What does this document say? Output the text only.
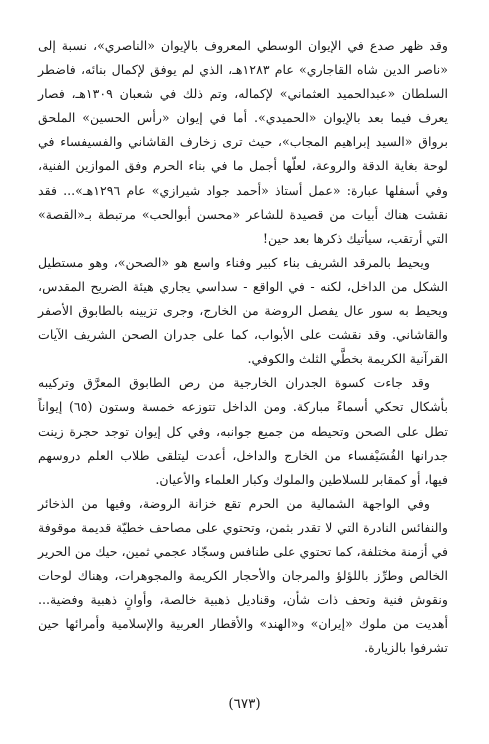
وقد ظهر صدع في الإيوان الوسطي المعروف بالإيوان «الناصري»، نسبة إلى «ناصر الدين شاه القاجاري» عام ١٢٨٣هـ، الذي لم يوفق لإكمال بنائه، فاضطر السلطان «عبدالحميد العثماني» لإكماله، وتم ذلك في شعبان ١٣٠٩هـ، فصار يعرف فيما بعد بالإيوان «الحميدي». أما في إيوان «رأس الحسين» الملحق برواق «السيد إبراهيم المجاب»، حيث ترى زخارف القاشاني والفسيفساء في لوحة بغاية الدقة والروعة، لعلّها أجمل ما في بناء الحرم وفق الموازين الفنية، وفي أسفلها عبارة: «عمل أستاذ «أحمد جواد شيرازي» عام ١٢٩٦هـ»... فقد نقشت هناك أبيات من قصيدة للشاعر «محسن أبوالحب» مرتبطة بـ«القصة» التي أرتقب، سيأتيك ذكرها بعد حين!

ويحيط بالمرقد الشريف بناء كبير وفناء واسع هو «الصحن»، وهو مستطيل الشكل من الداخل، لكنه - في الواقع - سداسي يجاري هيئة الضريح المقدس، ويحيط به سور عال يفصل الروضة من الخارج، وجرى تزيينه بالطابوق الأصفر والقاشاني. وقد نقشت على الأبواب، كما على جدران الصحن الشريف الآيات القرآنية الكريمة بخطَّي الثلث والكوفي.

وقد جاءت كسوة الجدران الخارجية من رص الطابوق المعرَّق وتركيبه بأشكال تحكي أسماءً مباركة. ومن الداخل تتوزعه خمسة وستون (٦٥) إيواناً تطل على الصحن وتحيطه من جميع جوانبه، وفي كل إيوان توجد حجرة زينت جدرانها الفُسَيْفساء من الخارج والداخل، أعدت ليتلقى طلاب العلم دروسهم فيها، أو كمقابر للسلاطين والملوك وكبار العلماء والأعيان.

وفي الواجهة الشمالية من الحرم تقع خزانة الروضة، وفيها من الذخائر والنفائس النادرة التي لا تقدر بثمن، وتحتوي على مصاحف خطيّة قديمة موقوفة في أزمنة مختلفة، كما تحتوي على طنافس وسجّاد عجمي ثمين، حيك من الحرير الخالص وطرِّز باللؤلؤ والمرجان والأحجار الكريمة والمجوهرات، وهناك لوحات ونقوش فنية وتحف ذات شأن، وقناديل ذهبية خالصة، وأوانٍ ذهبية وفضية... أهديت من ملوك «إيران» و«الهند» والأقطار العربية والإسلامية وأمرائها حين تشرفوا بالزيارة.

(٦٧٣)
